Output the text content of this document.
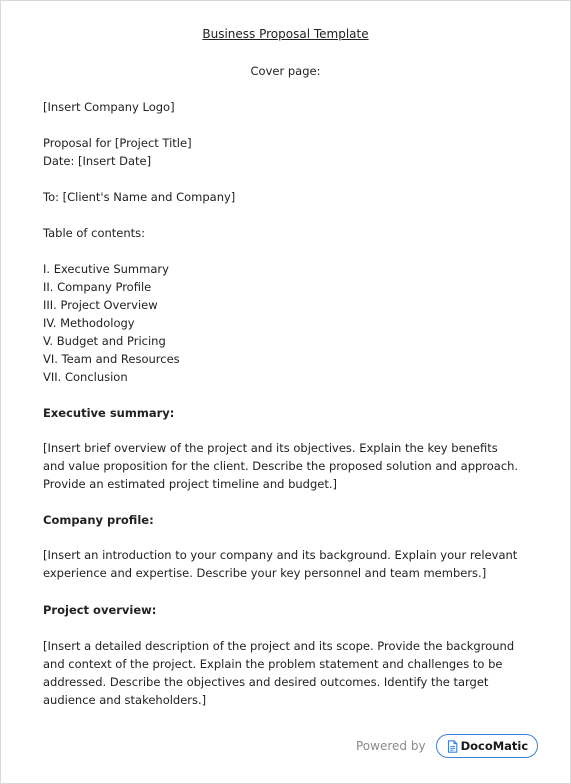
Business Proposal Template
Cover page:
[Insert Company Logo]
Proposal for [Project Title]
Date: [Insert Date]
To: [Client's Name and Company]
Table of contents:
I. Executive Summary
II. Company Profile
III. Project Overview
IV. Methodology
V. Budget and Pricing
VI. Team and Resources
VII. Conclusion
Executive summary:
[Insert brief overview of the project and its objectives. Explain the key benefits and value proposition for the client. Describe the proposed solution and approach. Provide an estimated project timeline and budget.]
Company profile:
[Insert an introduction to your company and its background. Explain your relevant experience and expertise. Describe your key personnel and team members.]
Project overview:
[Insert a detailed description of the project and its scope. Provide the background and context of the project. Explain the problem statement and challenges to be addressed. Describe the objectives and desired outcomes. Identify the target audience and stakeholders.]
Powered by	DocoMatic
